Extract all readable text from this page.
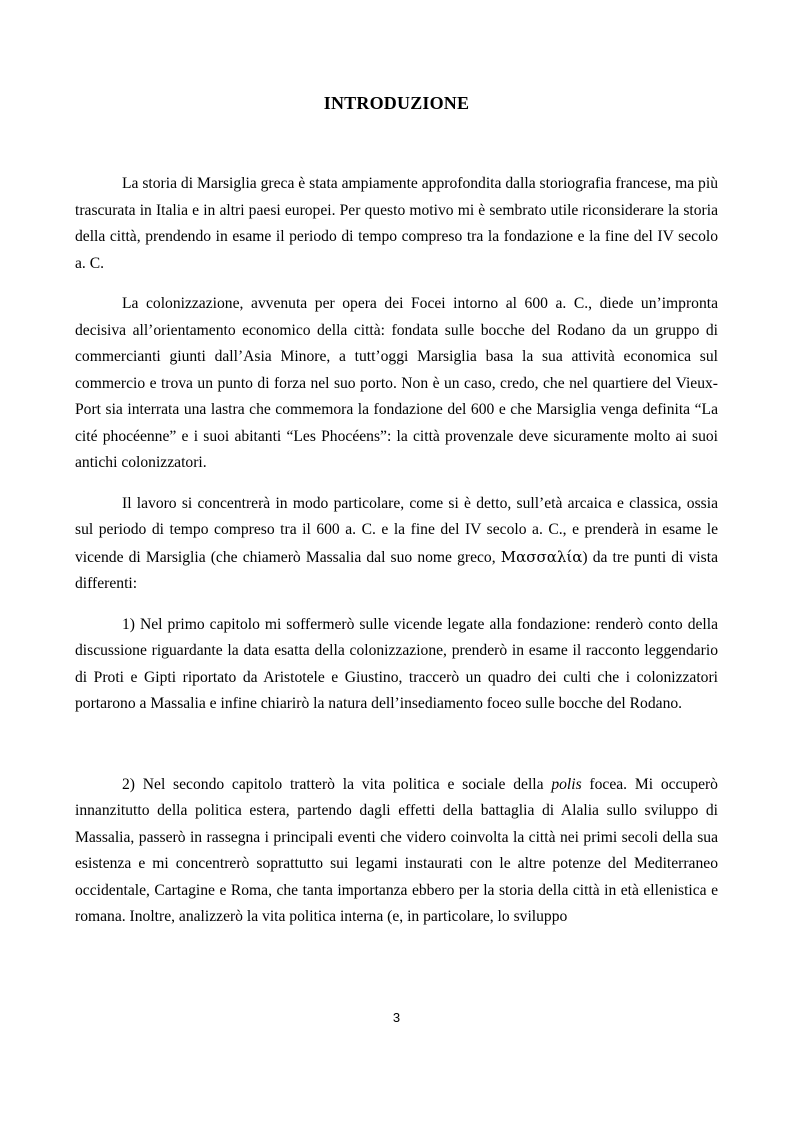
INTRODUZIONE

La storia di Marsiglia greca è stata ampiamente approfondita dalla storiografia francese, ma più trascurata in Italia e in altri paesi europei. Per questo motivo mi è sembrato utile riconsiderare la storia della città, prendendo in esame il periodo di tempo compreso tra la fondazione e la fine del IV secolo a. C.

La colonizzazione, avvenuta per opera dei Focei intorno al 600 a. C., diede un’impronta decisiva all’orientamento economico della città: fondata sulle bocche del Rodano da un gruppo di commercianti giunti dall’Asia Minore, a tutt’oggi Marsiglia basa la sua attività economica sul commercio e trova un punto di forza nel suo porto. Non è un caso, credo, che nel quartiere del Vieux-Port sia interrata una lastra che commemora la fondazione del 600 e che Marsiglia venga definita “La cité phocéenne” e i suoi abitanti “Les Phocéens”: la città provenzale deve sicuramente molto ai suoi antichi colonizzatori.

Il lavoro si concentrerà in modo particolare, come si è detto, sull’età arcaica e classica, ossia sul periodo di tempo compreso tra il 600 a. C. e la fine del IV secolo a. C., e prenderà in esame le vicende di Marsiglia (che chiamerò Massalia dal suo nome greco, Μασσαλία) da tre punti di vista differenti:

1) Nel primo capitolo mi soffermerò sulle vicende legate alla fondazione: renderò conto della discussione riguardante la data esatta della colonizzazione, prenderò in esame il racconto leggendario di Proti e Gipti riportato da Aristotele e Giustino, traccerò un quadro dei culti che i colonizzatori portarono a Massalia e infine chiarirò la natura dell’insediamento foceo sulle bocche del Rodano.

2) Nel secondo capitolo tratterò la vita politica e sociale della polis focea. Mi occuperò innanzitutto della politica estera, partendo dagli effetti della battaglia di Alalia sullo sviluppo di Massalia, passerò in rassegna i principali eventi che videro coinvolta la città nei primi secoli della sua esistenza e mi concentrerò soprattutto sui legami instaurati con le altre potenze del Mediterraneo occidentale, Cartagine e Roma, che tanta importanza ebbero per la storia della città in età ellenistica e romana. Inoltre, analizzerò la vita politica interna (e, in particolare, lo sviluppo

3
